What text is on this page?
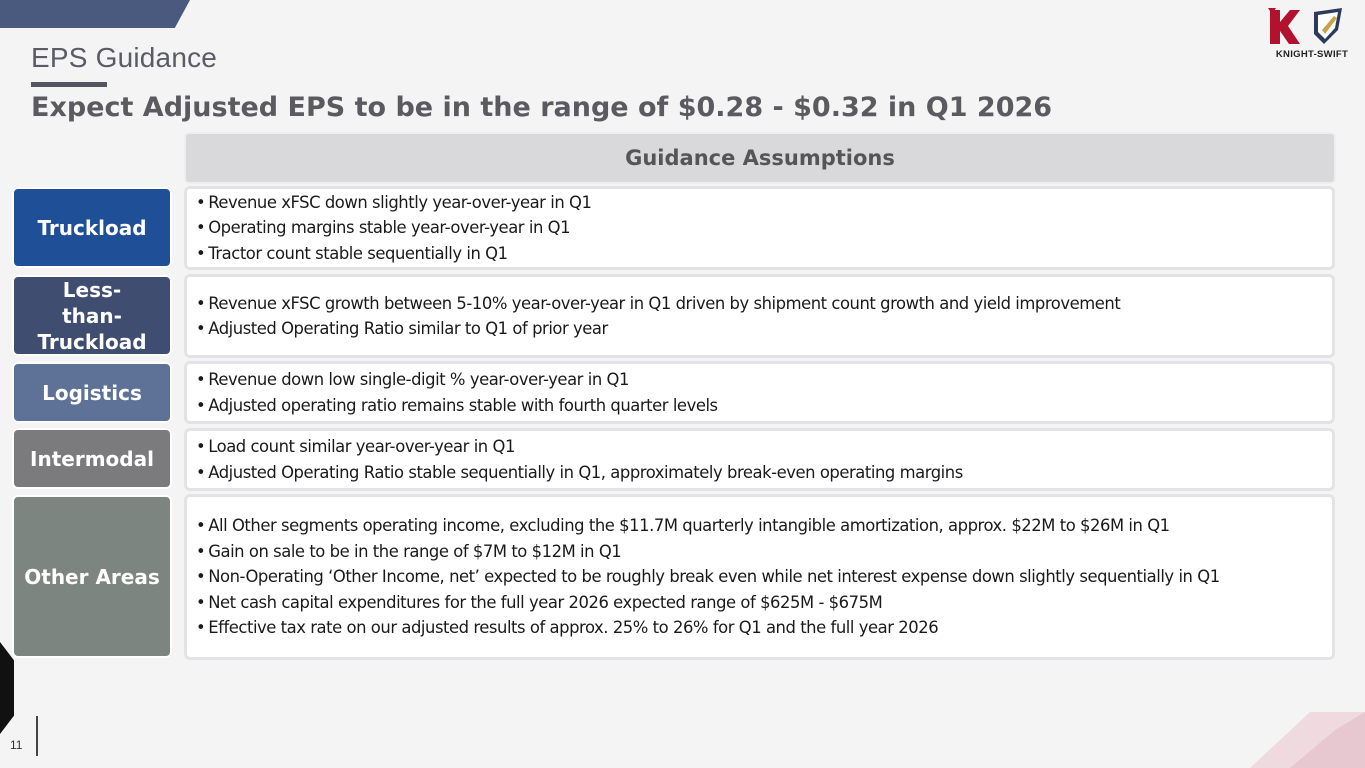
EPS Guidance
Expect Adjusted EPS to be in the range of $0.28 - $0.32 in Q1 2026
KNIGHT-SWIFT
Guidance Assumptions
Truckload
• Revenue xFSC down slightly year-over-year in Q1
• Operating margins stable year-over-year in Q1
• Tractor count stable sequentially in Q1
Less-than-Truckload
• Revenue xFSC growth between 5-10% year-over-year in Q1 driven by shipment count growth and yield improvement
• Adjusted Operating Ratio similar to Q1 of prior year
Logistics
• Revenue down low single-digit % year-over-year in Q1
• Adjusted operating ratio remains stable with fourth quarter levels
Intermodal	• Load count similar year-over-year in Q1
• Adjusted Operating Ratio stable sequentially in Q1, approximately break-even operating margins
Other Areas
• All Other segments operating income, excluding the $11.7M quarterly intangible amortization, approx. $22M to $26M in Q1
• Gain on sale to be in the range of $7M to $12M in Q1
• Non-Operating ‘Other Income, net’ expected to be roughly break even while net interest expense down slightly sequentially in Q1
• Net cash capital expenditures for the full year 2026 expected range of $625M - $675M
• Effective tax rate on our adjusted results of approx. 25% to 26% for Q1 and the full year 2026
11
